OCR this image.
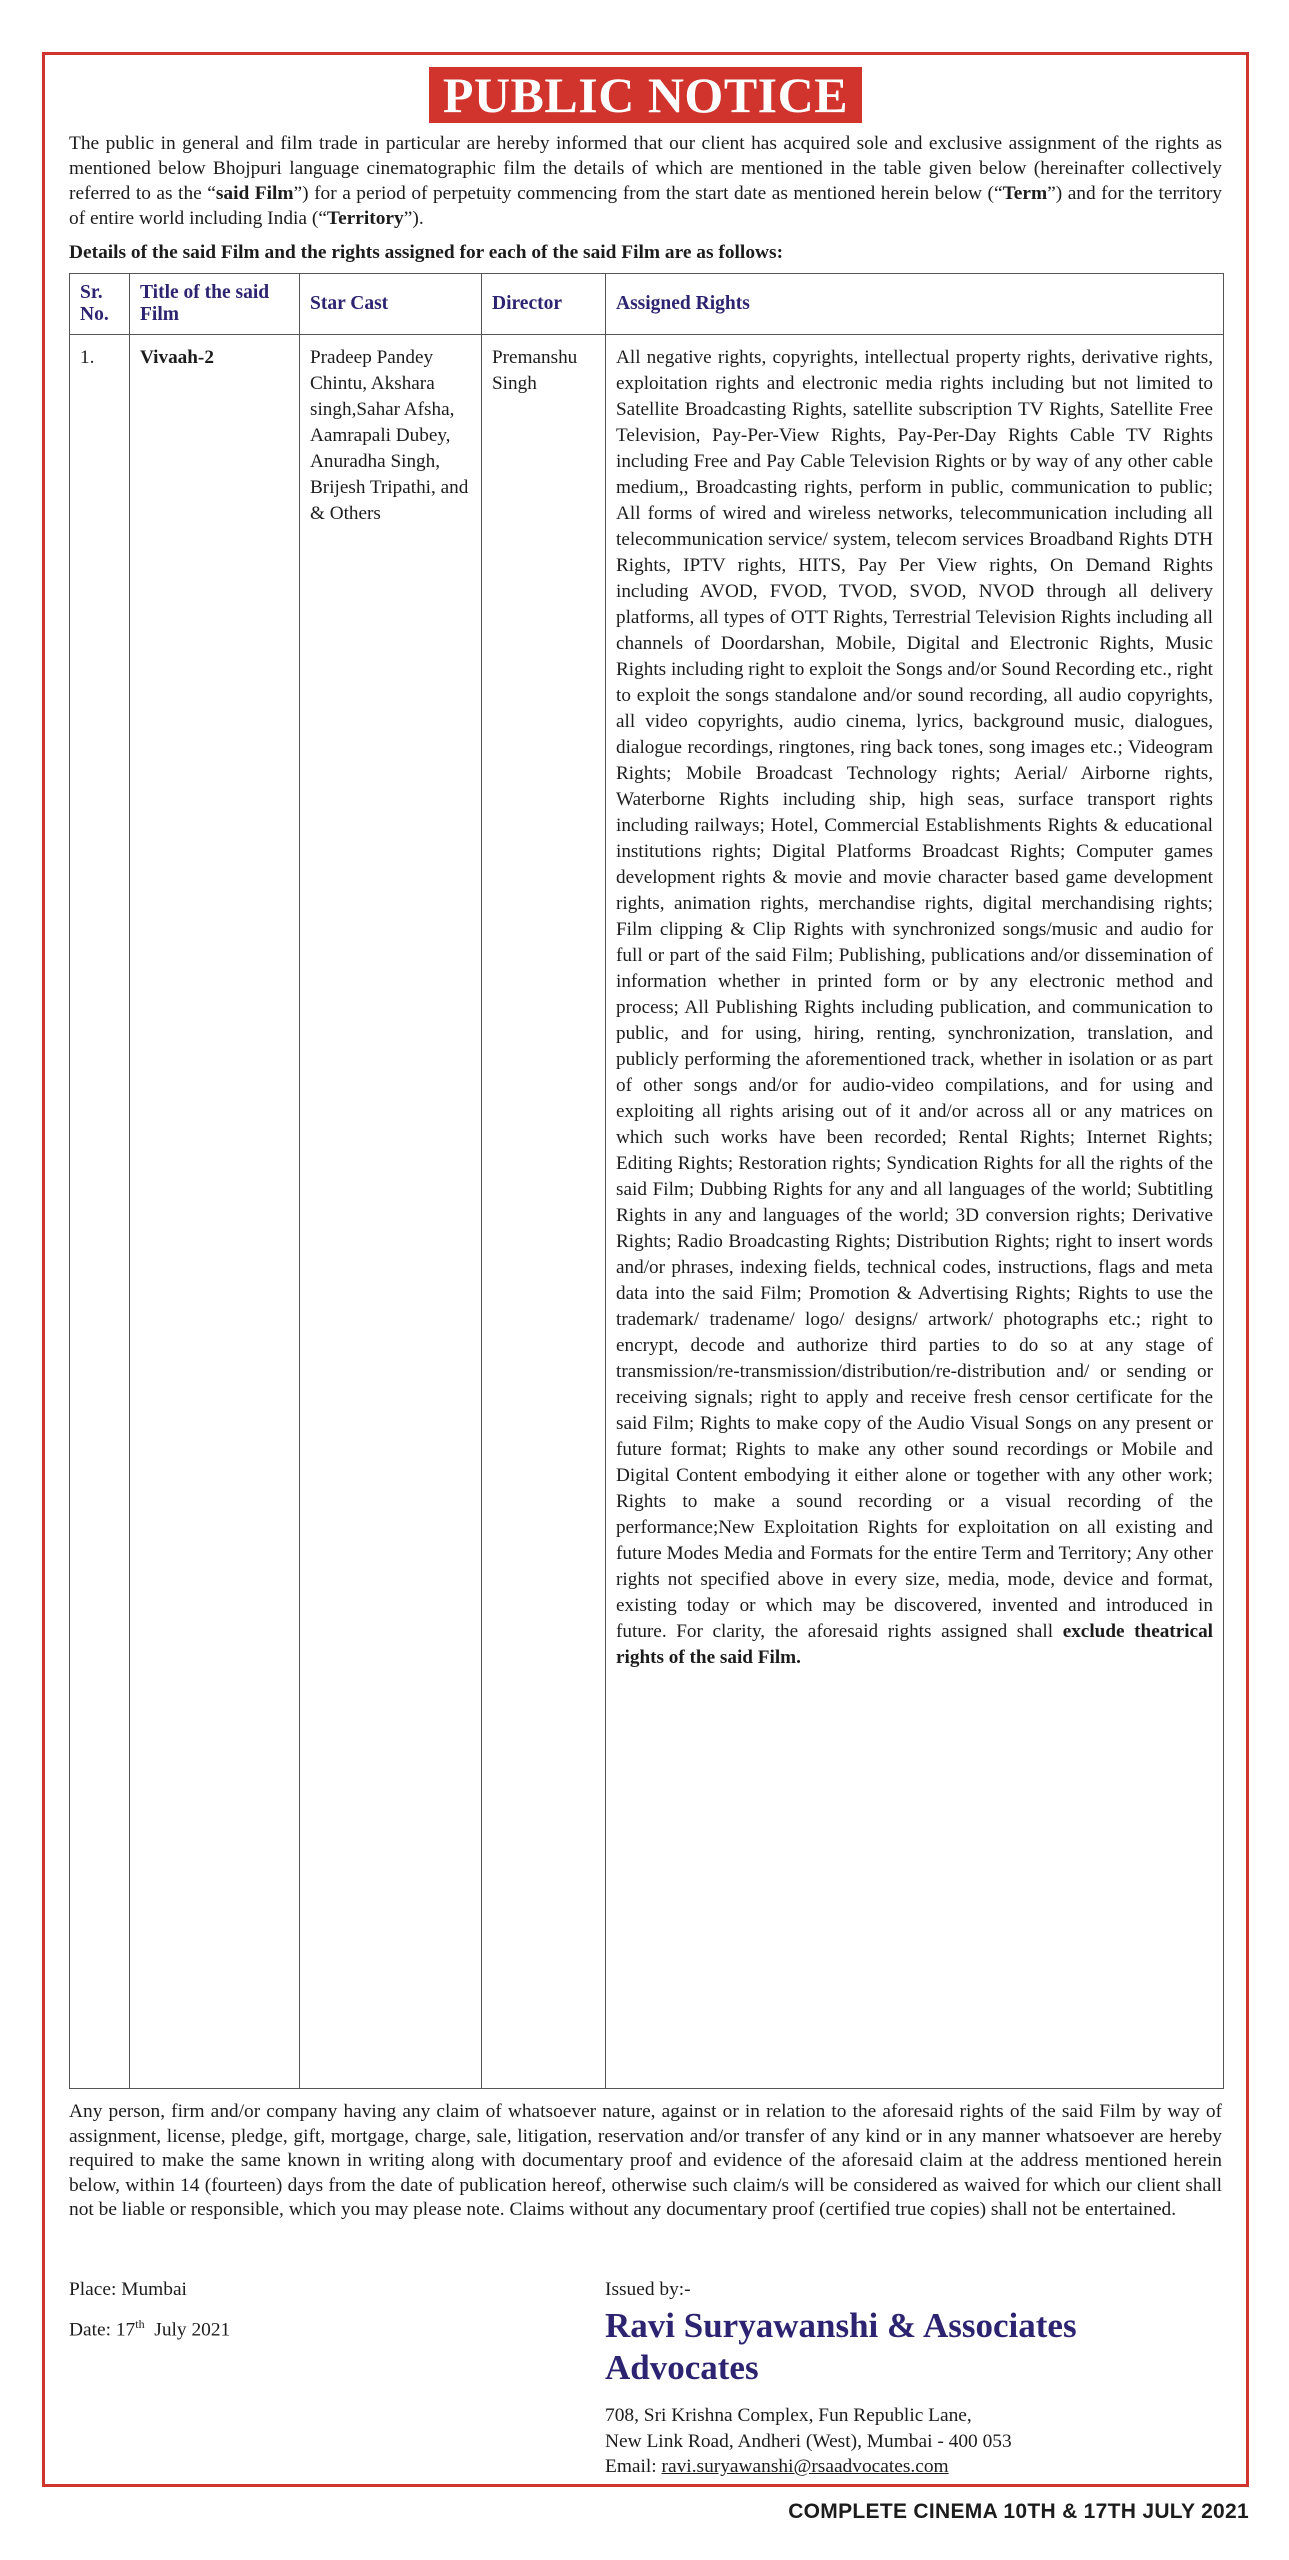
PUBLIC NOTICE
The public in general and film trade in particular are hereby informed that our client has acquired sole and exclusive assignment of the rights as mentioned below Bhojpuri language cinematographic film the details of which are mentioned in the table given below (hereinafter collectively referred to as the “said Film”) for a period of perpetuity commencing from the start date as mentioned herein below (“Term”) and for the territory of entire world including India (“Territory”).
Details of the said Film and the rights assigned for each of the said Film are as follows:
Sr. No.	Title of the said Film	Star Cast	Director	Assigned Rights
1.	Vivaah-2	Pradeep Pandey Chintu, Akshara singh,Sahar Afsha, Aamrapali Dubey, Anuradha Singh, Brijesh Tripathi, and & Others	Premanshu Singh	All negative rights, copyrights, intellectual property rights, derivative rights, exploitation rights and electronic media rights including but not limited to Satellite Broadcasting Rights, satellite subscription TV Rights, Satellite Free Television, Pay-Per-View Rights, Pay-Per-Day Rights Cable TV Rights including Free and Pay Cable Television Rights or by way of any other cable medium,, Broadcasting rights, perform in public, communication to public; All forms of wired and wireless networks, telecommunication including all telecommunication service/ system, telecom services Broadband Rights DTH Rights, IPTV rights, HITS, Pay Per View rights, On Demand Rights including AVOD, FVOD, TVOD, SVOD, NVOD through all delivery platforms, all types of OTT Rights, Terrestrial Television Rights including all channels of Doordarshan, Mobile, Digital and Electronic Rights, Music Rights including right to exploit the Songs and/or Sound Recording etc., right to exploit the songs standalone and/or sound recording, all audio copyrights, all video copyrights, audio cinema, lyrics, background music, dialogues, dialogue recordings, ringtones, ring back tones, song images etc.; Videogram Rights; Mobile Broadcast Technology rights; Aerial/ Airborne rights, Waterborne Rights including ship, high seas, surface transport rights including railways; Hotel, Commercial Establishments Rights & educational institutions rights; Digital Platforms Broadcast Rights; Computer games development rights & movie and movie character based game development rights, animation rights, merchandise rights, digital merchandising rights; Film clipping & Clip Rights with synchronized songs/music and audio for full or part of the said Film; Publishing, publications and/or dissemination of information whether in printed form or by any electronic method and process; All Publishing Rights including publication, and communication to public, and for using, hiring, renting, synchronization, translation, and publicly performing the aforementioned track, whether in isolation or as part of other songs and/or for audio-video compilations, and for using and exploiting all rights arising out of it and/or across all or any matrices on which such works have been recorded; Rental Rights; Internet Rights; Editing Rights; Restoration rights; Syndication Rights for all the rights of the said Film; Dubbing Rights for any and all languages of the world; Subtitling Rights in any and languages of the world; 3D conversion rights; Derivative Rights; Radio Broadcasting Rights; Distribution Rights; right to insert words and/or phrases, indexing fields, technical codes, instructions, flags and meta data into the said Film; Promotion & Advertising Rights; Rights to use the trademark/ tradename/ logo/ designs/ artwork/ photographs etc.; right to encrypt, decode and authorize third parties to do so at any stage of transmission/re-transmission/distribution/re-distribution and/ or sending or receiving signals; right to apply and receive fresh censor certificate for the said Film; Rights to make copy of the Audio Visual Songs on any present or future format; Rights to make any other sound recordings or Mobile and Digital Content embodying it either alone or together with any other work; Rights to make a sound recording or a visual recording of the performance;New Exploitation Rights for exploitation on all existing and future Modes Media and Formats for the entire Term and Territory; Any other rights not specified above in every size, media, mode, device and format, existing today or which may be discovered, invented and introduced in future. For clarity, the aforesaid rights assigned shall exclude theatrical rights of the said Film.
Any person, firm and/or company having any claim of whatsoever nature, against or in relation to the aforesaid rights of the said Film by way of assignment, license, pledge, gift, mortgage, charge, sale, litigation, reservation and/or transfer of any kind or in any manner whatsoever are hereby required to make the same known in writing along with documentary proof and evidence of the aforesaid claim at the address mentioned herein below, within 14 (fourteen) days from the date of publication hereof, otherwise such claim/s will be considered as waived for which our client shall not be liable or responsible, which you may please note. Claims without any documentary proof (certified true copies) shall not be entertained.
Place: Mumbai
Date: 17th  July 2021
Issued by:-
Ravi Suryawanshi & Associates
Advocates
708, Sri Krishna Complex, Fun Republic Lane,
New Link Road, Andheri (West), Mumbai - 400 053
Email: ravi.suryawanshi@rsaadvocates.com
COMPLETE CINEMA 10TH & 17TH JULY 2021
